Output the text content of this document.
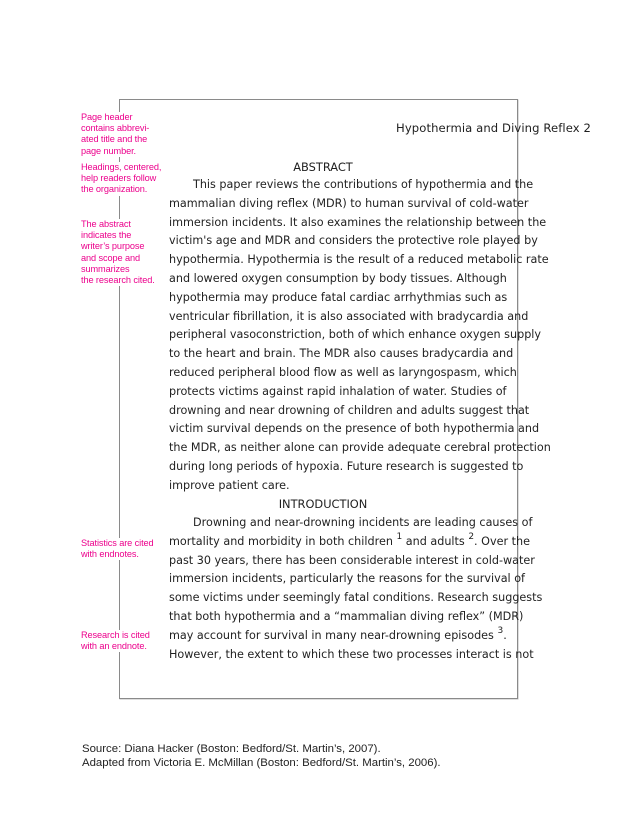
Hypothermia and Diving Reflex 2
ABSTRACT
This paper reviews the contributions of hypothermia and the
mammalian diving reflex (MDR) to human survival of cold-water
immersion incidents. It also examines the relationship between the
victim's age and MDR and considers the protective role played by
hypothermia. Hypothermia is the result of a reduced metabolic rate
and lowered oxygen consumption by body tissues. Although
hypothermia may produce fatal cardiac arrhythmias such as
ventricular fibrillation, it is also associated with bradycardia and
peripheral vasoconstriction, both of which enhance oxygen supply
to the heart and brain. The MDR also causes bradycardia and
reduced peripheral blood flow as well as laryngospasm, which
protects victims against rapid inhalation of water. Studies of
drowning and near drowning of children and adults suggest that
victim survival depends on the presence of both hypothermia and
the MDR, as neither alone can provide adequate cerebral protection
during long periods of hypoxia. Future research is suggested to
improve patient care.
INTRODUCTION
Drowning and near-drowning incidents are leading causes of
mortality and morbidity in both children $^1$ and adults $^2$. Over the
past 30 years, there has been considerable interest in cold-water
immersion incidents, particularly the reasons for the survival of
some victims under seemingly fatal conditions. Research suggests
that both hypothermia and a “mammalian diving reflex” (MDR)
may account for survival in many near-drowning episodes $^3$.
However, the extent to which these two processes interact is not
Page header
contains abbrevi-
ated title and the
page number.
Headings, centered,
help readers follow
the organization.
The abstract
indicates the
writer’s purpose
and scope and
summarizes
the research cited.
Statistics are cited
with endnotes.
Research is cited
with an endnote.
Source: Diana Hacker (Boston: Bedford/St. Martin’s, 2007).
Adapted from Victoria E. McMillan (Boston: Bedford/St. Martin’s, 2006).
